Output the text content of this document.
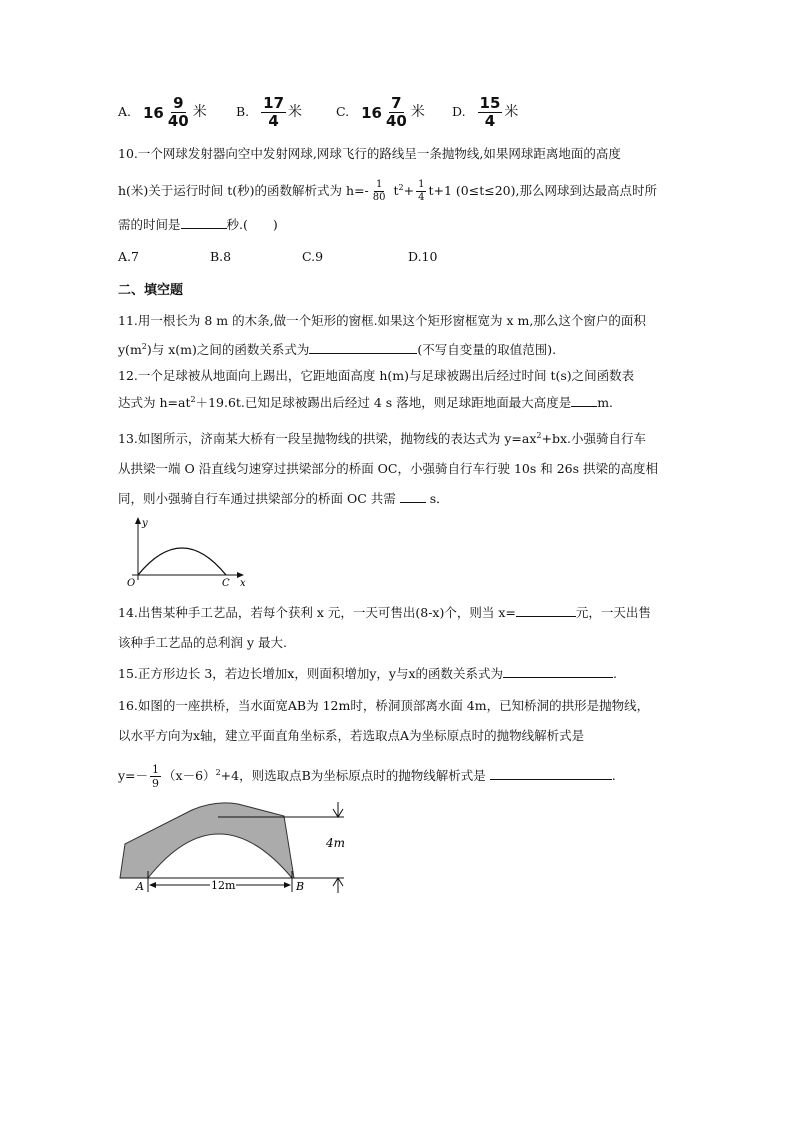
A. $16 \frac{9}{40}$ 米 B. $\frac{17}{4}$ 米	C. $16 \frac{7}{40}$ 米 D. $\frac{15}{4}$ 米
10.一个网球发射器向空中发射网球,网球飞行的路线呈一条抛物线,如果网球距离地面的高度
h(米)关于运行时间 t(秒)的函数解析式为 $h=- \frac{1}{80} t^2+ \frac{1}{4} t+1$ (0≤t≤20),那么网球到达最高点时所
需的时间是	秒.(　　)
A.7	B.8	C.9	D.10
二、填空题
11.用一根长为 8 m 的木条,做一个矩形的窗框.如果这个矩形窗框宽为 x m,那么这个窗户的面积
$y(m^2)$与 x(m)之间的函数关系式为	(不写自变量的取值范围).
12.一个足球被从地面向上踢出，它距地面高度 h(m)与足球被踢出后经过时间 t(s)之间函数表
达式为 $h=at^2+19.6t$.已知足球被踢出后经过 4 s 落地，则足球距地面最大高度是 m.
13.如图所示，济南某大桥有一段呈抛物线的拱梁，抛物线的表达式为 $y=ax^2+bx$.小强骑自行车
从拱梁一端 O 沿直线匀速穿过拱梁部分的桥面 OC，小强骑自行车行驶 10s 和 26s 拱梁的高度相
同，则小强骑自行车通过拱梁部分的桥面 OC 共需  s．
y
x
O	C
14.出售某种手工艺品，若每个获利 x 元，一天可售出(8-x)个，则当 x=	元，一天出售
该种手工艺品的总利润 y 最大.
15.正方形边长 3，若边长增加x，则面积增加y，y与x的函数关系式为	.
16.如图的一座拱桥，当水面宽AB为 12m时，桥洞顶部离水面 4m，已知桥洞的拱形是抛物线，
以水平方向为x轴，建立平面直角坐标系，若选取点A为坐标原点时的抛物线解析式是
$y=- \frac{1}{9} (x-6)^2+4$，则选取点B为坐标原点时的抛物线解析式是	.
A	B
12m
4m
